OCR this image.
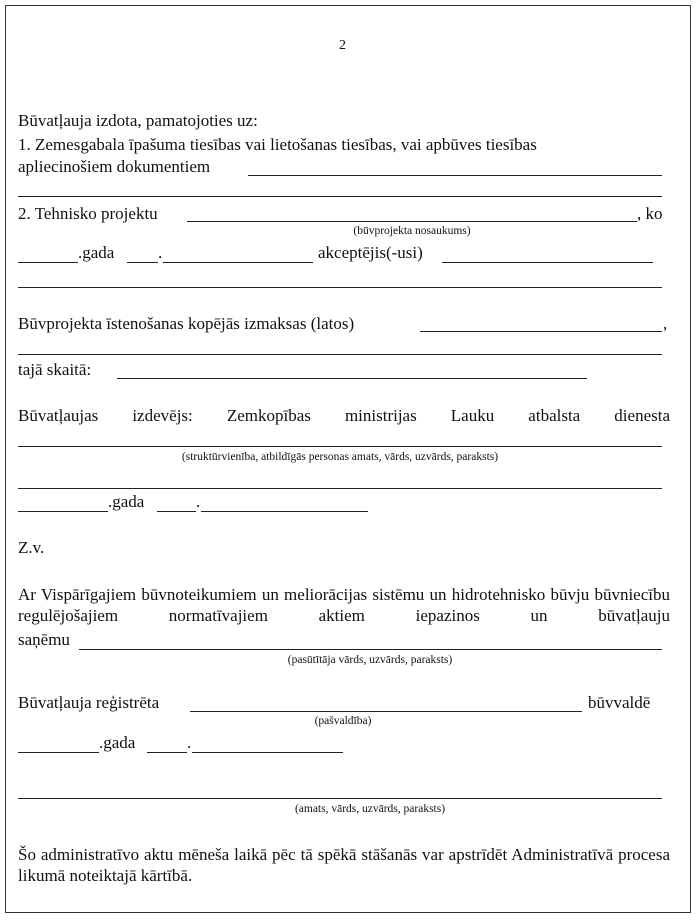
2
Būvatļauja izdota, pamatojoties uz:
1. Zemesgabala īpašuma tiesības vai lietošanas tiesības, vai apbūves tiesības
apliecinošiem dokumentiem
2. Tehnisko projektu	, ko
(būvprojekta nosaukums)
.gada	.	akceptējis(-usi)
Būvprojekta īstenošanas kopējās izmaksas (latos)	,
tajā skaitā:
Būvatļaujas izdevējs: Zemkopības ministrijas Lauku atbalsta dienesta
(struktūrvienība, atbildīgās personas amats, vārds, uzvārds, paraksts)
.gada	.
Z.v.
Ar Vispārīgajiem būvnoteikumiem un meliorācijas sistēmu un hidrotehnisko būvju būvniecību regulējošajiem normatīvajiem aktiem iepazinos un būvatļauju
saņēmu
(pasūtītāja vārds, uzvārds, paraksts)
Būvatļauja reģistrēta	būvvaldē
(pašvaldība)
.gada	.
(amats, vārds, uzvārds, paraksts)
Šo administratīvo aktu mēneša laikā pēc tā spēkā stāšanās var apstrīdēt Administratīvā procesa likumā noteiktajā kārtībā.
